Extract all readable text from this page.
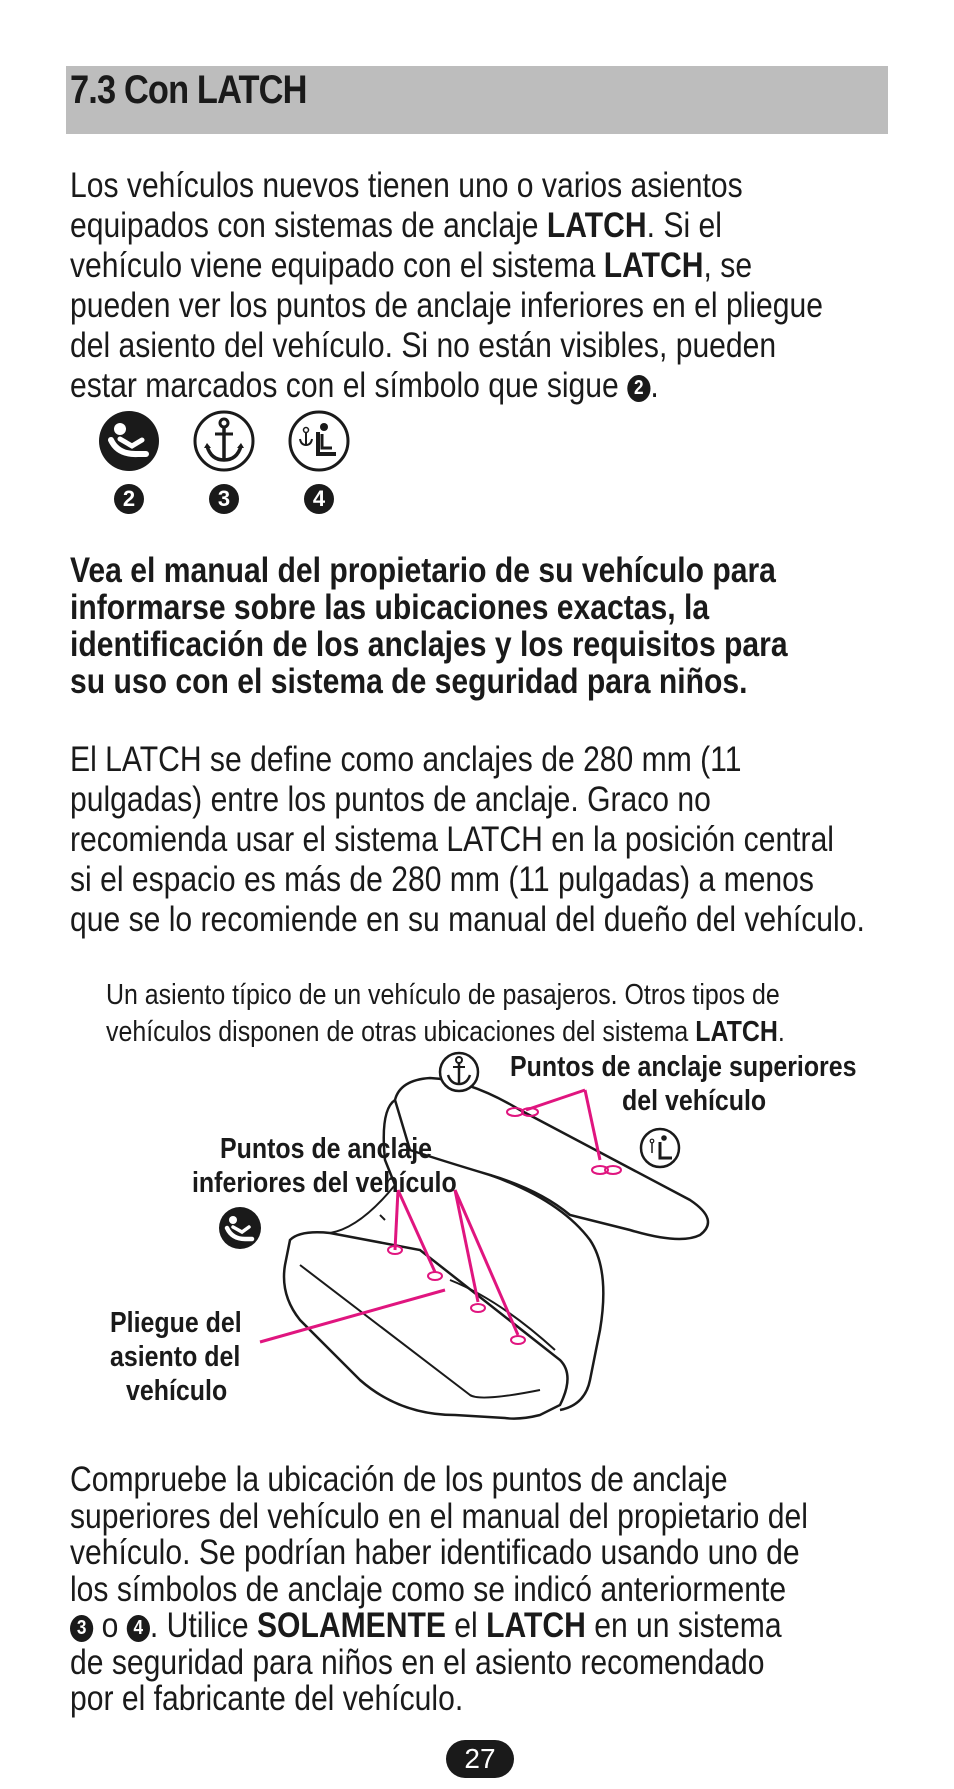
7.3 Con LATCH
Los vehículos nuevos tienen uno o varios asientos
equipados con sistemas de anclaje LATCH. Si el
vehículo viene equipado con el sistema LATCH, se
pueden ver los puntos de anclaje inferiores en el pliegue
del asiento del vehículo. Si no están visibles, pueden
estar marcados con el símbolo que sigue 2 .
2	3	4
Vea el manual del propietario de su vehículo para
informarse sobre las ubicaciones exactas, la
identificación de los anclajes y los requisitos para
su uso con el sistema de seguridad para niños.
El LATCH se define como anclajes de 280 mm (11
pulgadas) entre los puntos de anclaje. Graco no
recomienda usar el sistema LATCH en la posición central
si el espacio es más de 280 mm (11 pulgadas) a menos
que se lo recomiende en su manual del dueño del vehículo.
Un asiento típico de un vehículo de pasajeros. Otros tipos de
vehículos disponen de otras ubicaciones del sistema LATCH.
Puntos de anclaje superiores
del vehículo
Puntos de anclaje
inferiores del vehículo
Pliegue del
asiento del
vehículo
Compruebe la ubicación de los puntos de anclaje
superiores del vehículo en el manual del propietario del
vehículo. Se podrían haber identificado usando uno de
los símbolos de anclaje como se indicó anteriormente
3 o 4 . Utilice SOLAMENTE el LATCH en un sistema
de seguridad para niños en el asiento recomendado
por el fabricante del vehículo.
27
